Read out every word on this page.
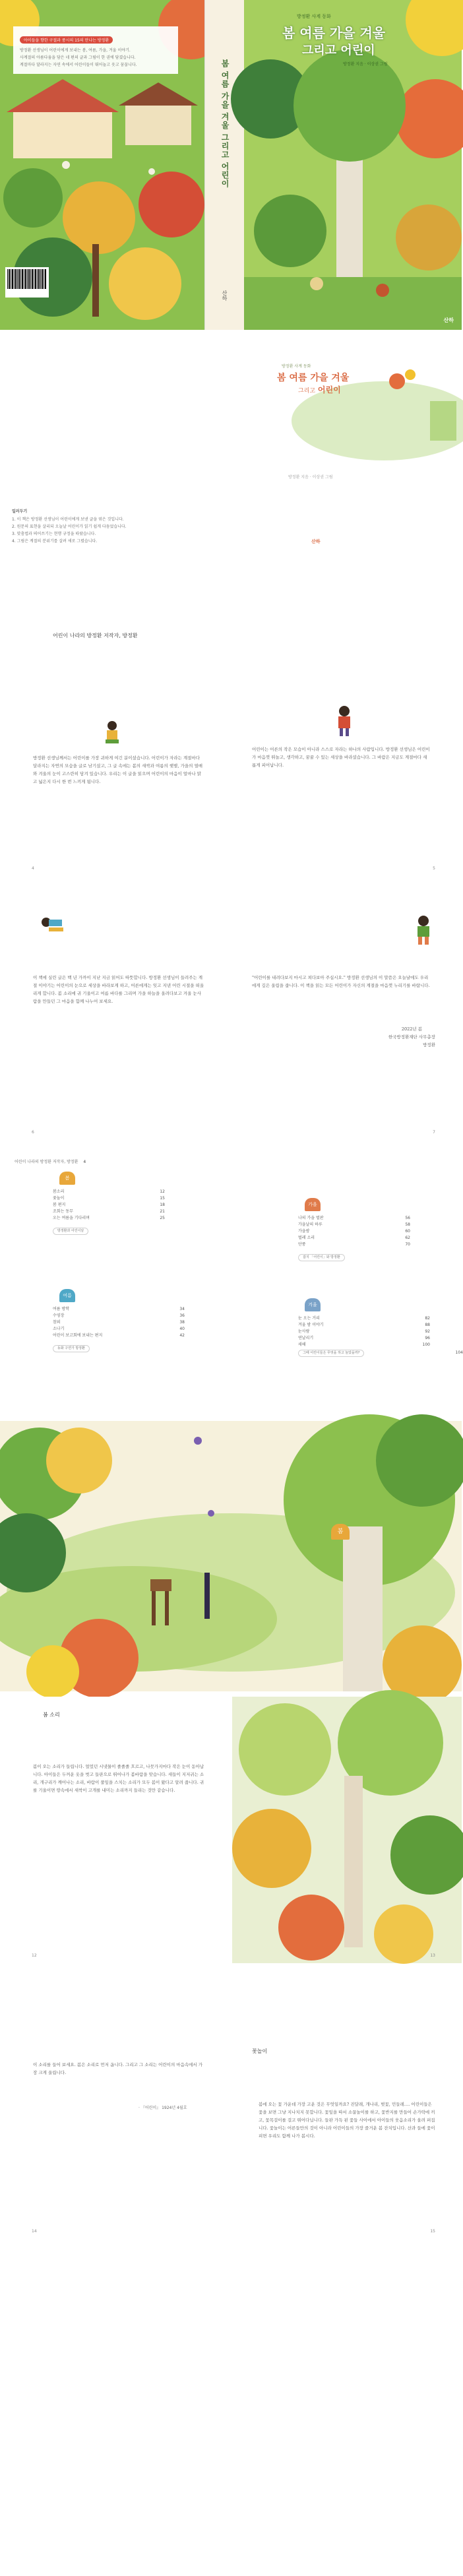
아이들을 향한 구절과 풍시의 15의 만나는 방정환
방정환 선생님이 어린이에게 보내는 봄, 여름, 가을, 겨울 이야기.
사계절의 아름다움을 담은 네 편의 글과 그림이 한 권에 담겼습니다.
계절마다 달라지는 자연 속에서 어린이들이 뛰어놀고 웃고 꿈꿉니다.	봄 여름 가을 겨울 그리고 어린이
산하
방정환 사계 동화
봄 여름 가을 겨울
그리고 어린이
방정환 지음 · 이상권 그림
산하
일러두기
1. 이 책은 방정환 선생님이 어린이에게 보낸 글을 엮은 것입니다.
2. 원문의 표현을 살리되 오늘날 어린이가 읽기 쉽게 다듬었습니다.
3. 맞춤법과 띄어쓰기는 현행 규정을 따랐습니다.
4. 그림은 계절의 분위기를 살려 새로 그렸습니다.
방정환 사계 동화
봄 여름 가을 겨울
그리고 어린이
방정환 지음 · 이상권 그림
산하
어린이 나라의 방정환 저작자, 방정환
방정환 선생님께서는 어린이를 가장 귀하게 여긴 분이셨습니다. 어린이가 자라는 계절마다 달라지는 자연의 모습을 글로 남기셨고, 그 글 속에는 봄의 새싹과 여름의 햇볕, 가을의 열매와 겨울의 눈이 고스란히 담겨 있습니다. 우리는 이 글을 읽으며 어린이의 마음이 얼마나 맑고 넓은지 다시 한 번 느끼게 됩니다.
4
어린이는 어른의 작은 모습이 아니라 스스로 자라는 하나의 사람입니다. 방정환 선생님은 어린이가 마음껏 뛰놀고, 생각하고, 꿈꿀 수 있는 세상을 바라셨습니다. 그 바람은 지금도 계절마다 새롭게 피어납니다.
5
이 책에 실린 글은 백 년 가까이 지난 지금 읽어도 따뜻합니다. 방정환 선생님이 들려주는 계절 이야기는 어린이의 눈으로 세상을 바라보게 하고, 어른에게는 잊고 지낸 어린 시절을 떠올리게 합니다. 봄 소리에 귀 기울이고 여름 바다를 그리며 가을 하늘을 올려다보고 겨울 눈사람을 만들던 그 마음을 함께 나누어 보세요.
6
"어린이를 내려다보지 마시고 쳐다보아 주십시오." 방정환 선생님의 이 말씀은 오늘날에도 우리에게 깊은 울림을 줍니다. 이 책을 읽는 모든 어린이가 자신의 계절을 마음껏 누리기를 바랍니다.
2022년 봄
한국방정환재단 사무총장
방정환
7
어린이 나라의 방정환 저작자, 방정환 4
봄
봄소리	12
꽃놀이	15
봄 편지	18
조회는 동무	21
오는 여름을 기다리며	25
방정환과 어린이날
여름
여름 방학	34
수영장	36
참외	38
소나기	40
어린이 보고회에 보내는 편지	42
동화 구연가 방정환
가을
나의 가을 벌판	56
가을날의 하루	58
가을밤	60
벌레 소리	62
단풍	70
잡지 「어린이」와 방정환
겨울
눈 오는 거리	82
겨울 밤 이야기	88
눈사람	92
연날리기	96
새해	100
그때 어린이들은 무엇을 하고 놀았을까?	104
봄
봄 소리
봄이 오는 소리가 들립니다. 얼었던 시냇물이 졸졸졸 흐르고, 나뭇가지마다 작은 눈이 돋아납니다. 아이들은 두꺼운 옷을 벗고 들판으로 뛰어나가 봄바람을 맞습니다. 새들이 지저귀는 소리, 개구리가 깨어나는 소리, 바람이 풀잎을 스치는 소리가 모두 봄이 왔다고 알려 줍니다. 귀를 기울이면 땅속에서 새싹이 고개를 내미는 소리까지 들리는 것만 같습니다.
12	13
이 소리를 들어 보세요. 봄은 소리로 먼저 옵니다. 그리고 그 소리는 어린이의 마음속에서 가장 크게 울립니다.
· 『어린이』 1924년 4월호
14
꽃놀이
봄에 오는 꽃 가운데 가장 고운 것은 무엇일까요? 진달래, 개나리, 벚꽃, 민들레…. 어린이들은 꽃을 보면 그냥 지나치지 못합니다. 꽃잎을 따서 소꿉놀이를 하고, 꽃반지를 만들어 손가락에 끼고, 꽃목걸이를 걸고 뛰어다닙니다. 들판 가득 핀 꽃들 사이에서 아이들의 웃음소리가 울려 퍼집니다. 꽃놀이는 어른들만의 것이 아니라 어린이들의 가장 즐거운 봄 잔치입니다. 산과 들에 꽃이 피면 우리도 함께 나가 봅시다.
15
